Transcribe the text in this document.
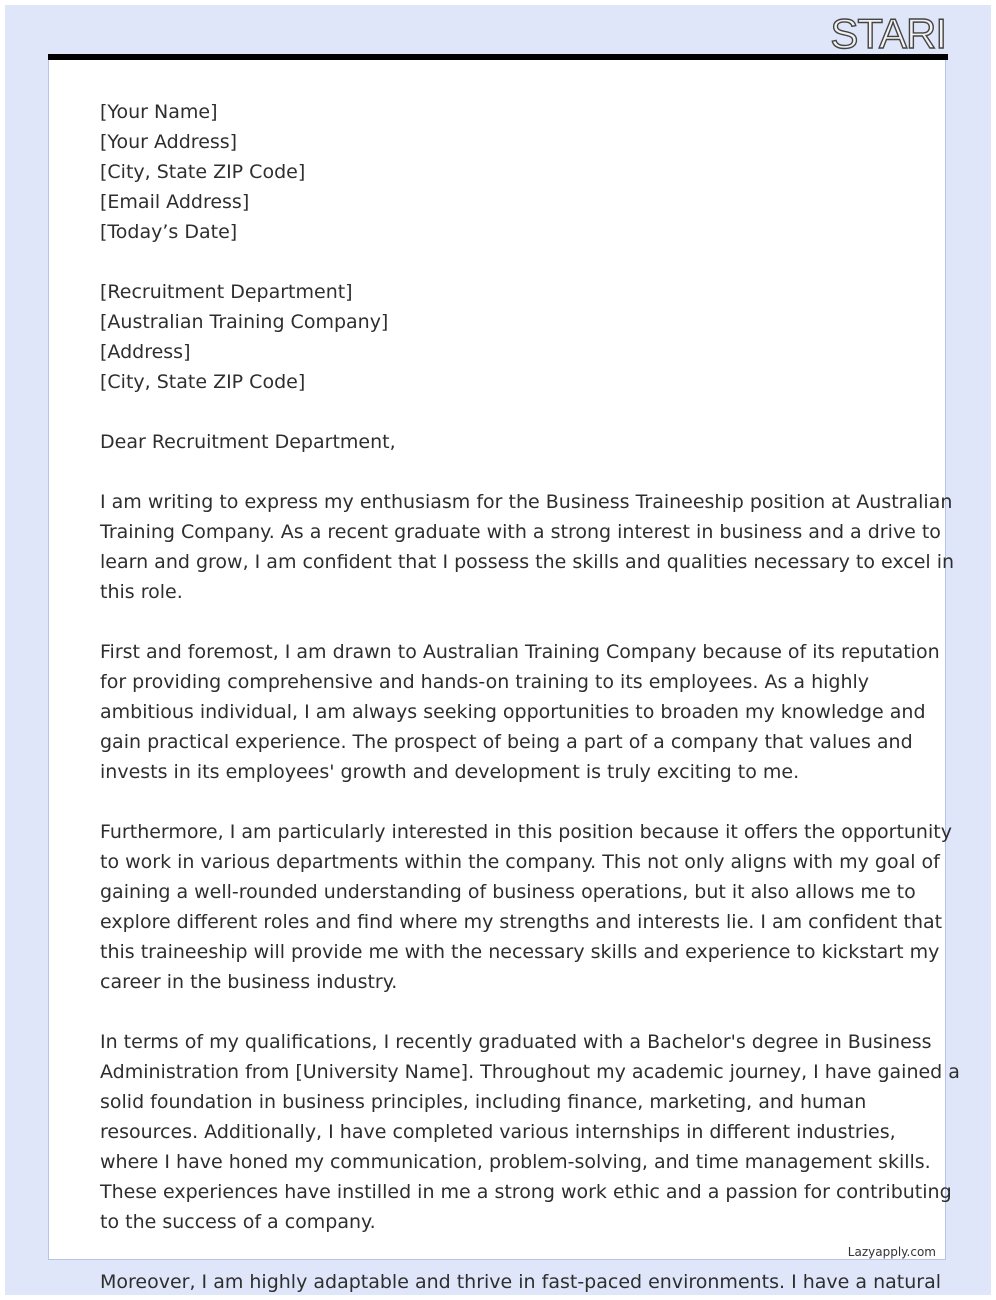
STARI
[Your Name]
[Your Address]
[City, State ZIP Code]
[Email Address]
[Today’s Date]
[Recruitment Department]
[Australian Training Company]
[Address]
[City, State ZIP Code]
Dear Recruitment Department,

I am writing to express my enthusiasm for the Business Traineeship position at Australian
Training Company. As a recent graduate with a strong interest in business and a drive to
learn and grow, I am confident that I possess the skills and qualities necessary to excel in
this role.

First and foremost, I am drawn to Australian Training Company because of its reputation
for providing comprehensive and hands-on training to its employees. As a highly
ambitious individual, I am always seeking opportunities to broaden my knowledge and
gain practical experience. The prospect of being a part of a company that values and
invests in its employees' growth and development is truly exciting to me.

Furthermore, I am particularly interested in this position because it offers the opportunity
to work in various departments within the company. This not only aligns with my goal of
gaining a well-rounded understanding of business operations, but it also allows me to
explore different roles and find where my strengths and interests lie. I am confident that
this traineeship will provide me with the necessary skills and experience to kickstart my
career in the business industry.

In terms of my qualifications, I recently graduated with a Bachelor's degree in Business
Administration from [University Name]. Throughout my academic journey, I have gained a
solid foundation in business principles, including finance, marketing, and human
resources. Additionally, I have completed various internships in different industries,
where I have honed my communication, problem-solving, and time management skills.
These experiences have instilled in me a strong work ethic and a passion for contributing
to the success of a company.

Lazyapply.com
Moreover, I am highly adaptable and thrive in fast-paced environments. I have a natural
